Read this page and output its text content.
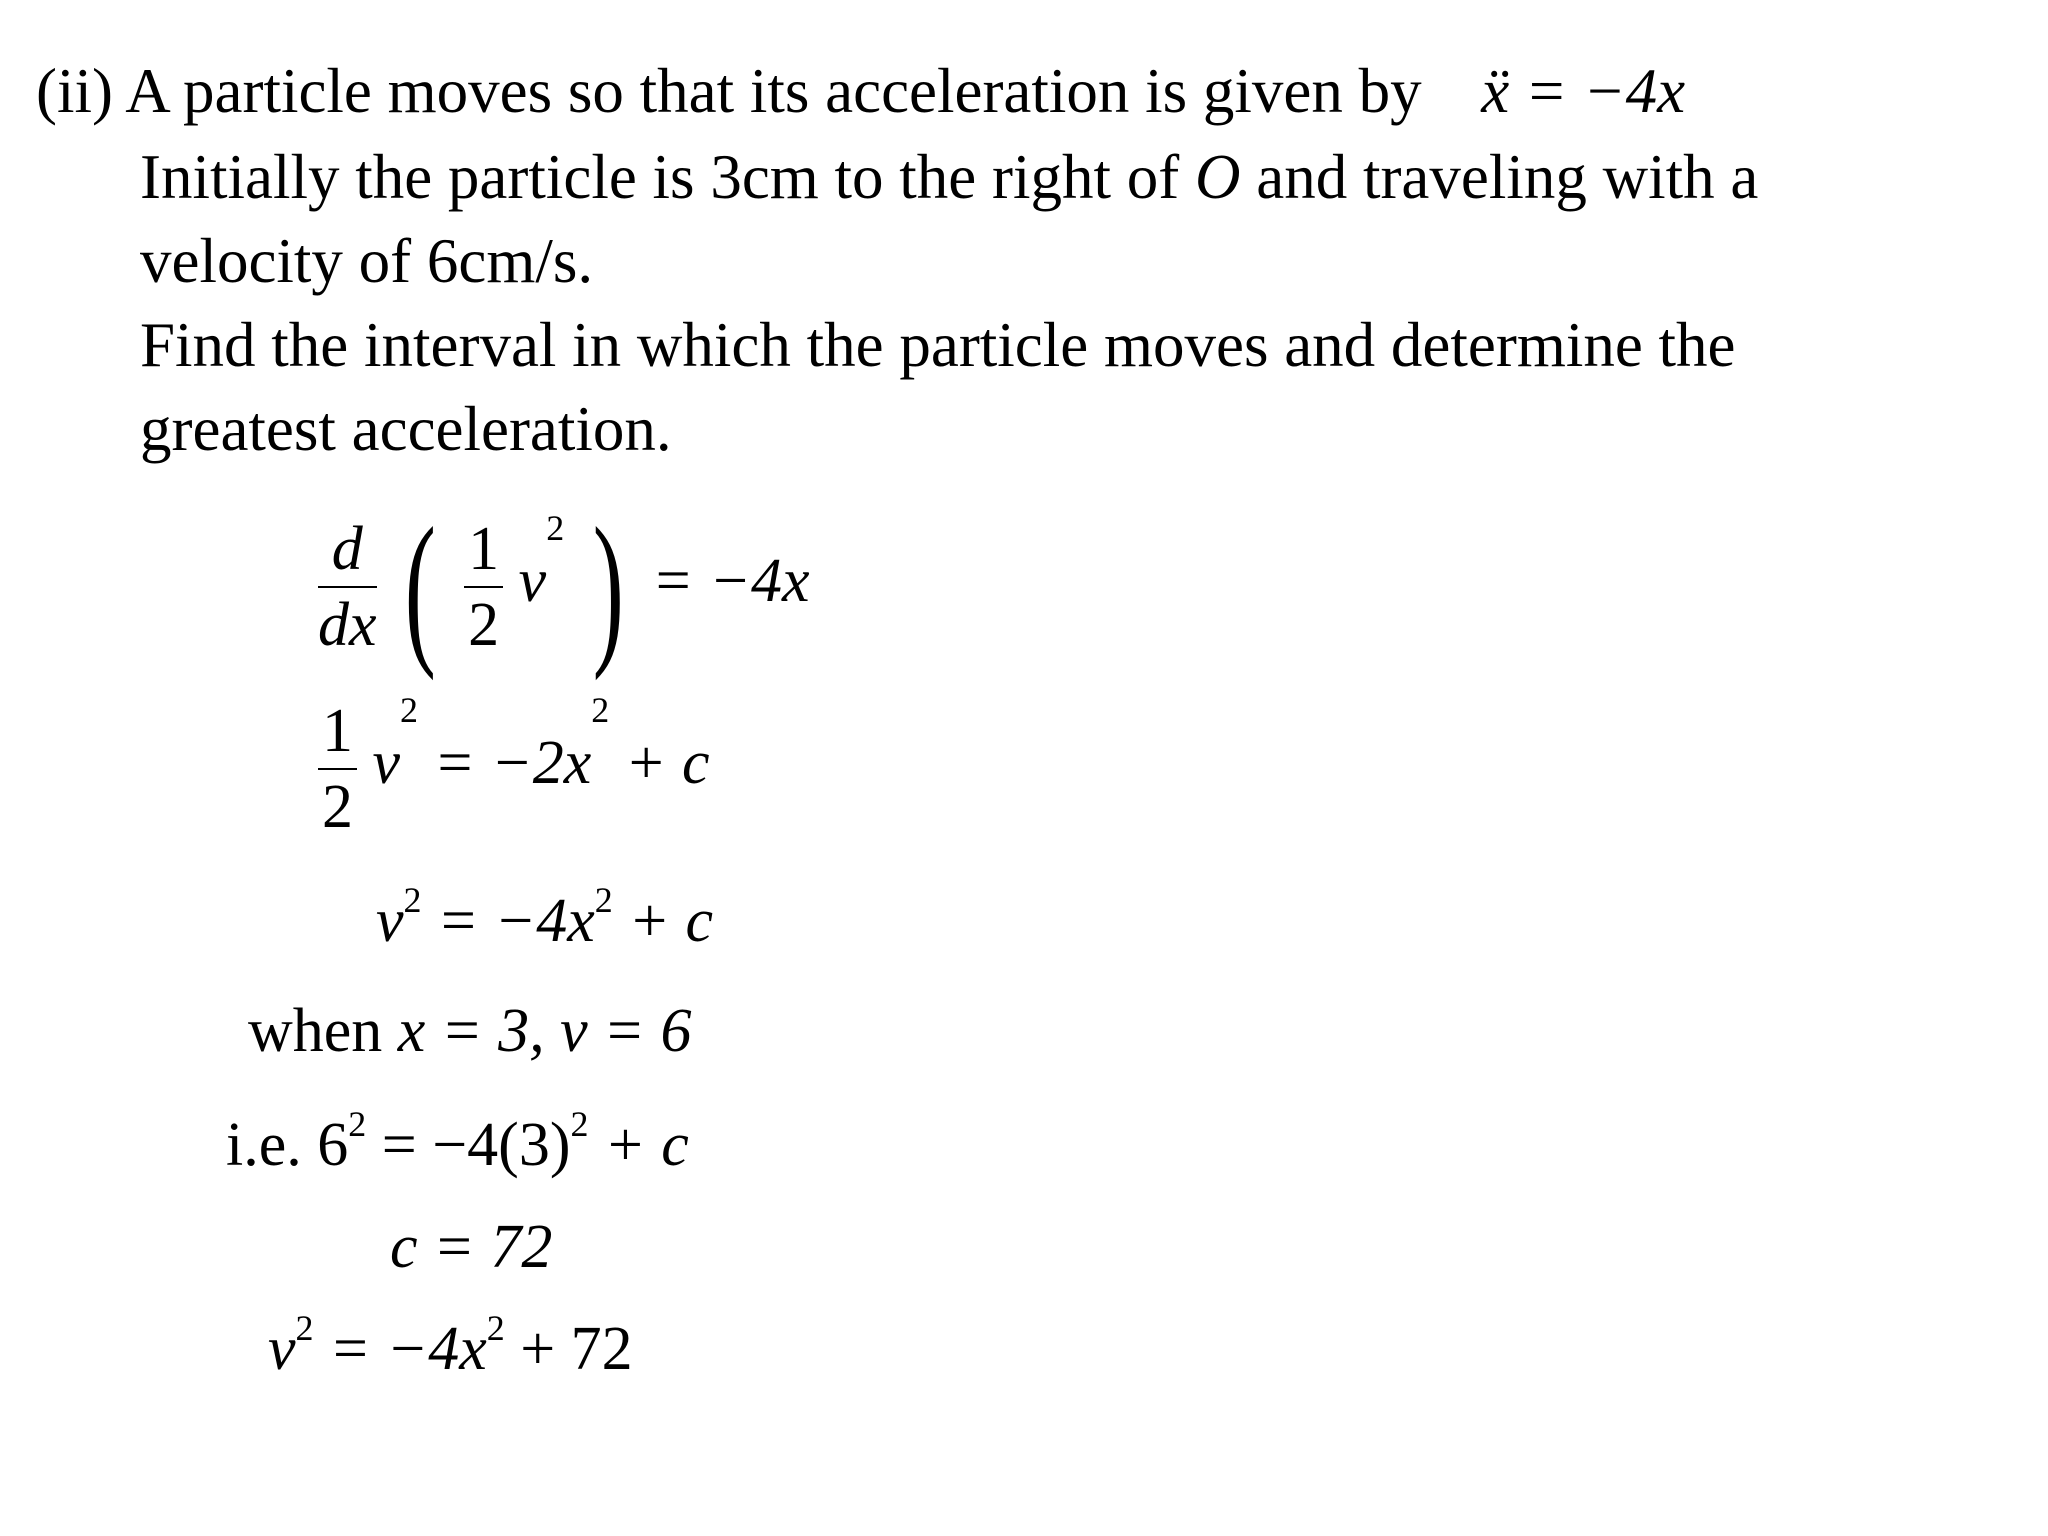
(ii) A particle moves so that its acceleration is given by ẍ = −4x
Initially the particle is 3cm to the right of O and traveling with a
velocity of 6cm/s.
Find the interval in which the particle moves and determine the
greatest acceleration.
$\frac{d}{dx}$ ( $\frac{1}{2} v^2$ ) = −4x
$\frac{1}{2} v^2 = -2x^2 + c$
$v^2 = -4x^2 + c$
when x = 3, v = 6
i.e. $6^2 = -4(3)^2 + c$
c = 72
$v^2 = -4x^2 + 72$
